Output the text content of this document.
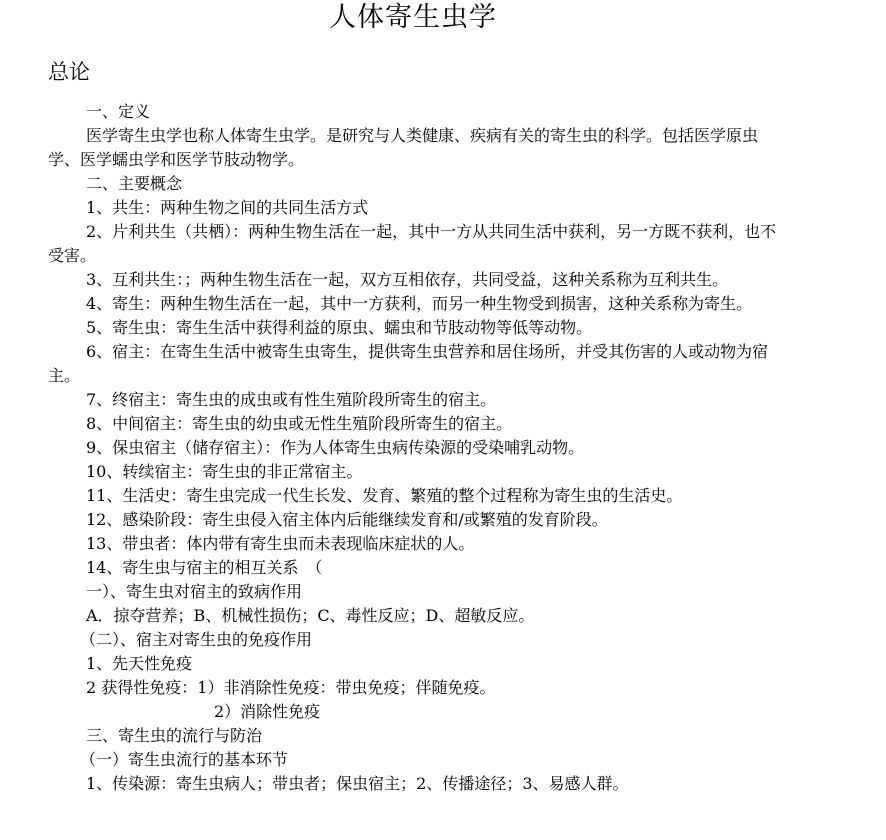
人体寄生虫学
总论

一、定义

医学寄生虫学也称人体寄生虫学。是研究与人类健康、疾病有关的寄生虫的科学。包括医学原虫学、医学蠕虫学和医学节肢动物学。

二、主要概念

1、共生：两种生物之间的共同生活方式

2、片利共生（共栖）：两种生物生活在一起，其中一方从共同生活中获利，另一方既不获利，也不受害。

3、互利共生：；两种生物生活在一起，双方互相依存，共同受益，这种关系称为互利共生。

4、寄生：两种生物生活在一起，其中一方获利，而另一种生物受到损害，这种关系称为寄生。

5、寄生虫：寄生生活中获得利益的原虫、蠕虫和节肢动物等低等动物。

6、宿主：在寄生生活中被寄生虫寄生，提供寄生虫营养和居住场所，并受其伤害的人或动物为宿主。

7、终宿主：寄生虫的成虫或有性生殖阶段所寄生的宿主。

8、中间宿主：寄生虫的幼虫或无性生殖阶段所寄生的宿主。

9、保虫宿主（储存宿主）：作为人体寄生虫病传染源的受染哺乳动物。

10、转续宿主：寄生虫的非正常宿主。

11、生活史：寄生虫完成一代生长发、发育、繁殖的整个过程称为寄生虫的生活史。

12、感染阶段：寄生虫侵入宿主体内后能继续发育和/或繁殖的发育阶段。

13、带虫者：体内带有寄生虫而未表现临床症状的人。

14、寄生虫与宿主的相互关系　（

一）、寄生虫对宿主的致病作用

A．掠夺营养；B、机械性损伤；C、毒性反应；D、超敏反应。

（二）、宿主对寄生虫的免疫作用

1、先天性免疫

2 获得性免疫：1）非消除性免疫：带虫免疫；伴随免疫。

2）消除性免疫

三、寄生虫的流行与防治

（一）寄生虫流行的基本环节

1、传染源：寄生虫病人；带虫者；保虫宿主；2、传播途径；3、易感人群。
